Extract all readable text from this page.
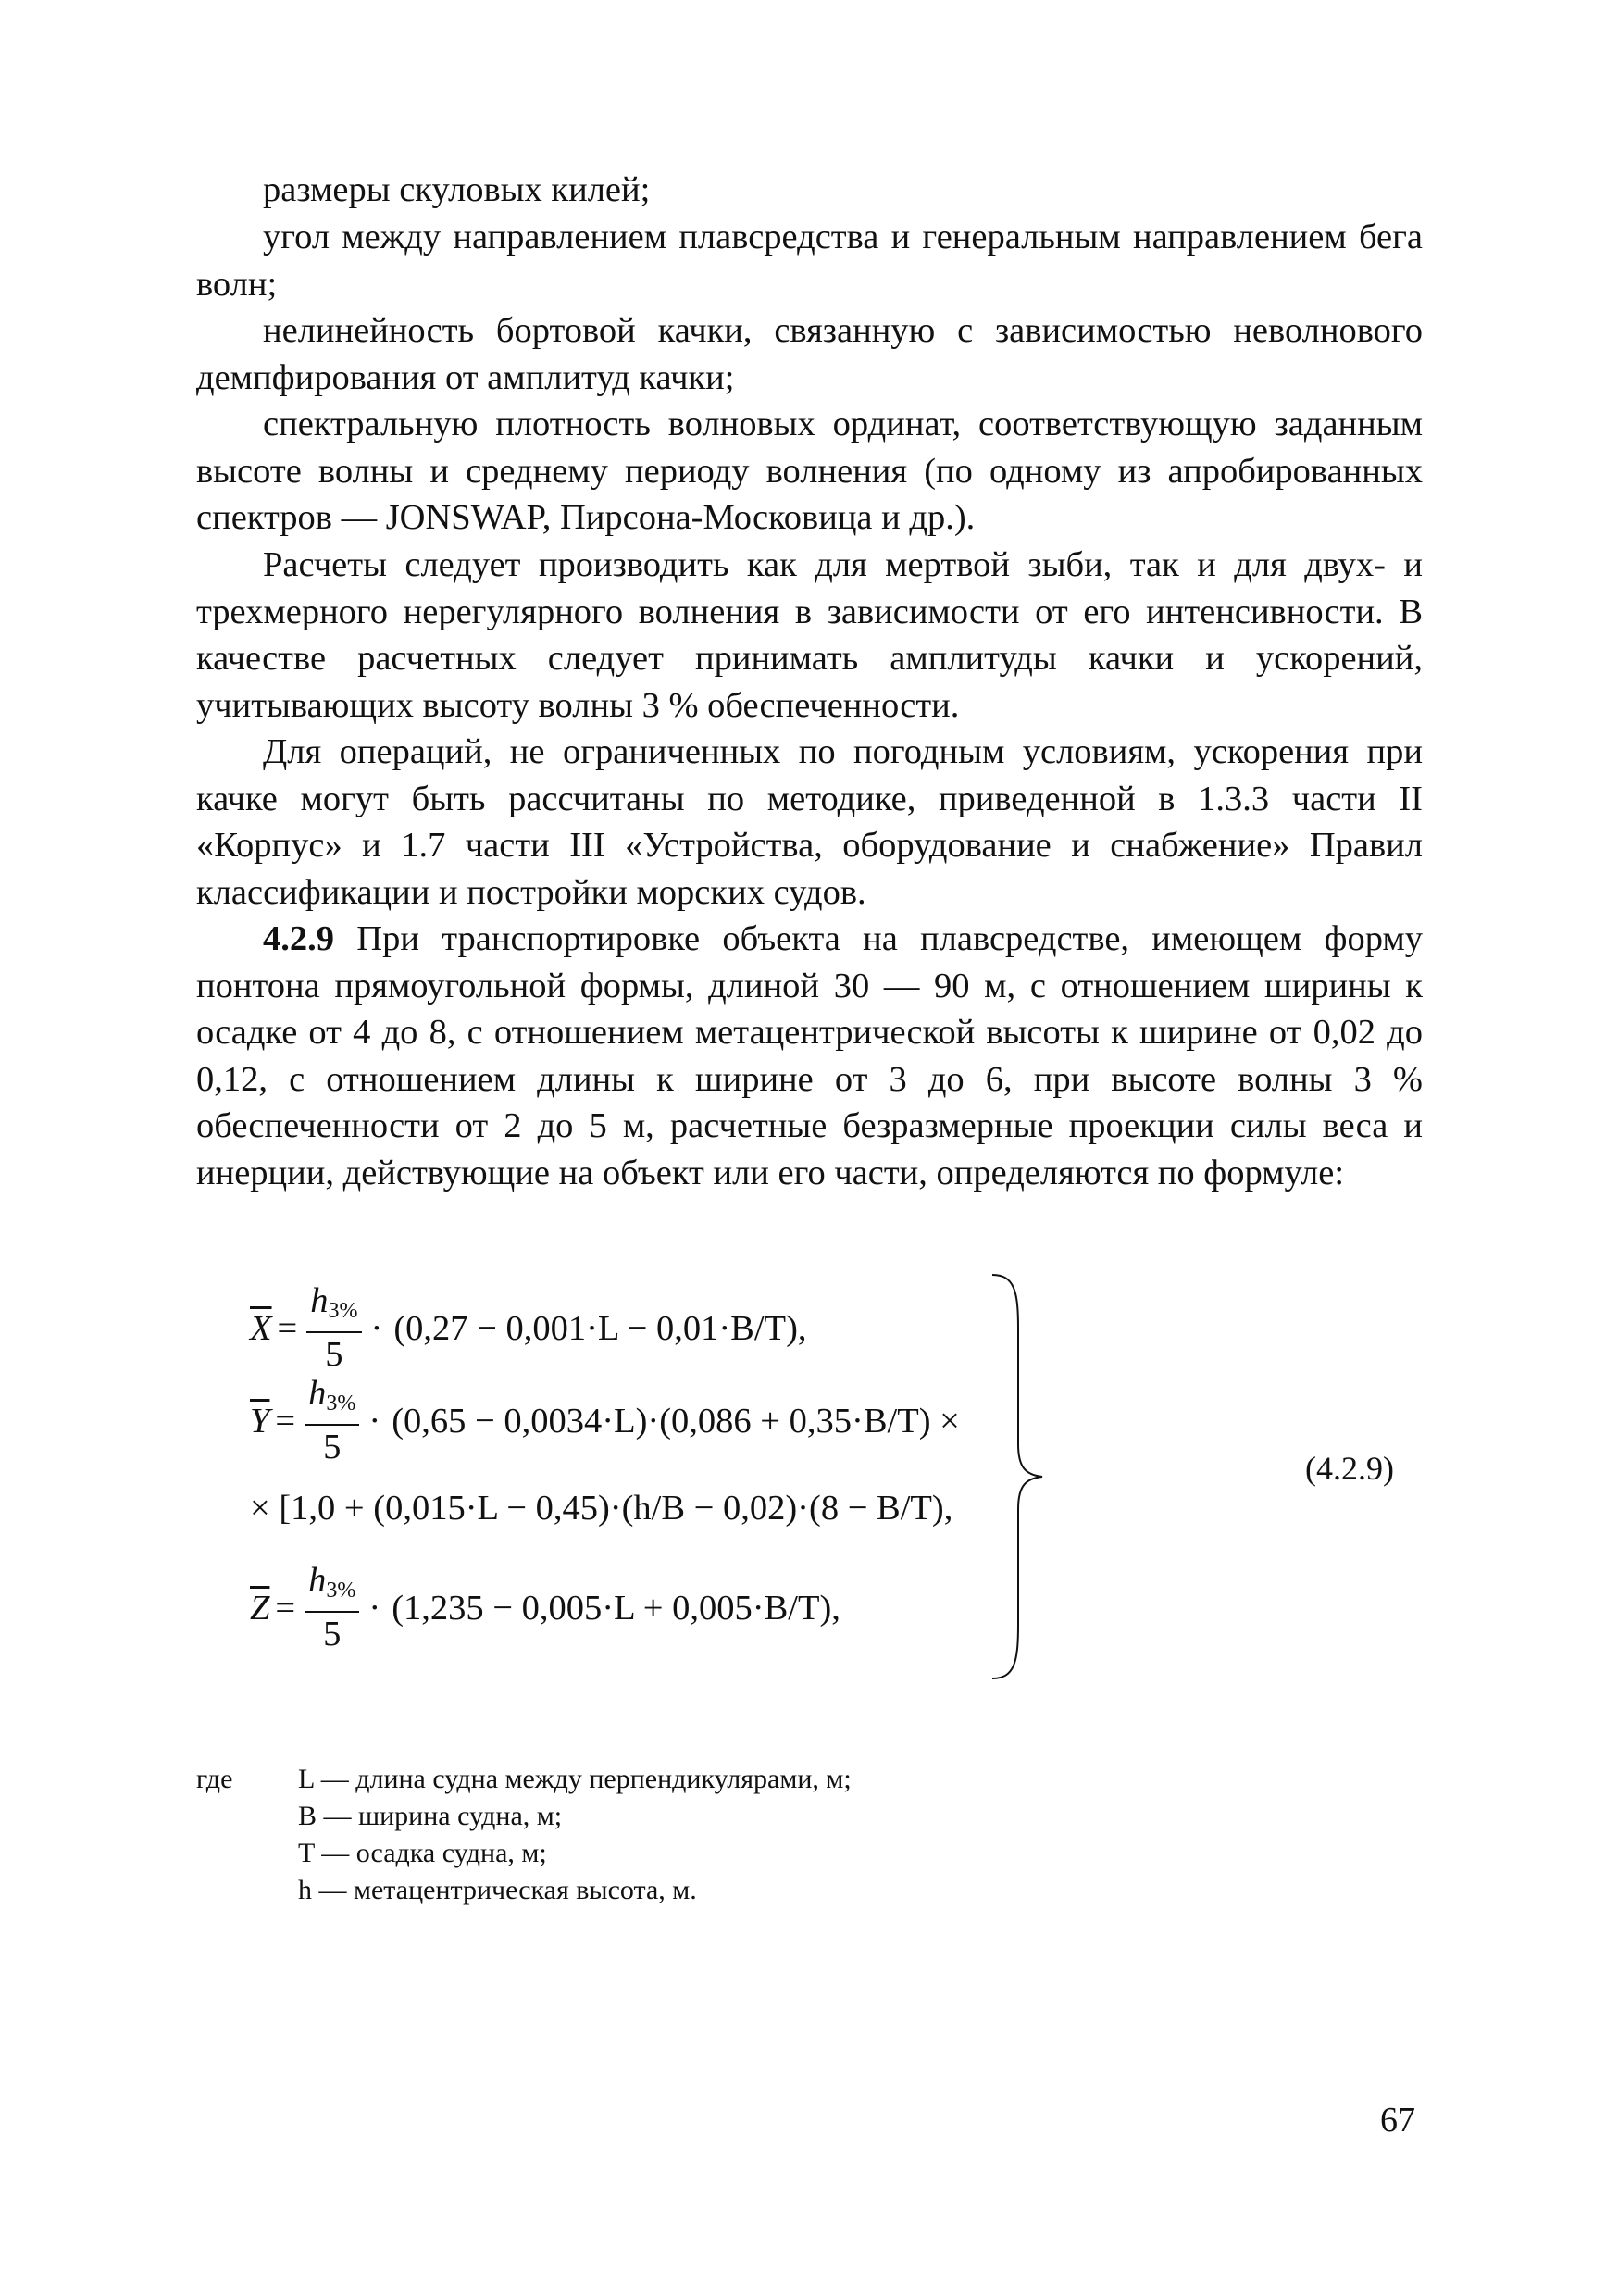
размеры скуловых килей;

угол между направлением плавсредства и генеральным направлением бега волн;

нелинейность бортовой качки, связанную с зависимостью неволнового демпфирования от амплитуд качки;

спектральную плотность волновых ординат, соответствующую заданным высоте волны и среднему периоду волнения (по одному из апробированных спектров — JONSWAP, Пирсона-Московица и др.).

Расчеты следует производить как для мертвой зыби, так и для двух- и трехмерного нерегулярного волнения в зависимости от его интенсивности. В качестве расчетных следует принимать амплитуды качки и ускорений, учитывающих высоту волны 3 % обеспеченности.

Для операций, не ограниченных по погодным условиям, ускорения при качке могут быть рассчитаны по методике, приведенной в 1.3.3 части II «Корпус» и 1.7 части III «Устройства, оборудование и снабжение» Правил классификации и постройки морских судов.

4.2.9 При транспортировке объекта на плавсредстве, имеющем форму понтона прямоугольной формы, длиной 30 — 90 м, с отношением ширины к осадке от 4 до 8, с отношением метацентрической высоты к ширине от 0,02 до 0,12, с отношением длины к ширине от 3 до 6, при высоте волны 3 % обеспеченности от 2 до 5 м, расчетные безразмерные проекции силы веса и инерции, действующие на объект или его части, определяются по формуле:

$\overline{X} = \frac{h_{3\%}}{5} \cdot (0,27 - 0,001\cdot L - 0,01\cdot B/T)$,
$\overline{Y} = \frac{h_{3\%}}{5} \cdot (0,65 - 0,0034\cdot L)\cdot(0,086 + 0,35\cdot B/T)$ ×
× [1,0 + (0,015·L − 0,45)·(h/B − 0,02)·(8 − B/T),
$\overline{Z} = \frac{h_{3\%}}{5} \cdot (1,235 - 0,005\cdot L + 0,005\cdot B/T)$,
(4.2.9)
где L — длина судна между перпендикулярами, м;
B — ширина судна, м;
T — осадка судна, м;
h — метацентрическая высота, м.
67
